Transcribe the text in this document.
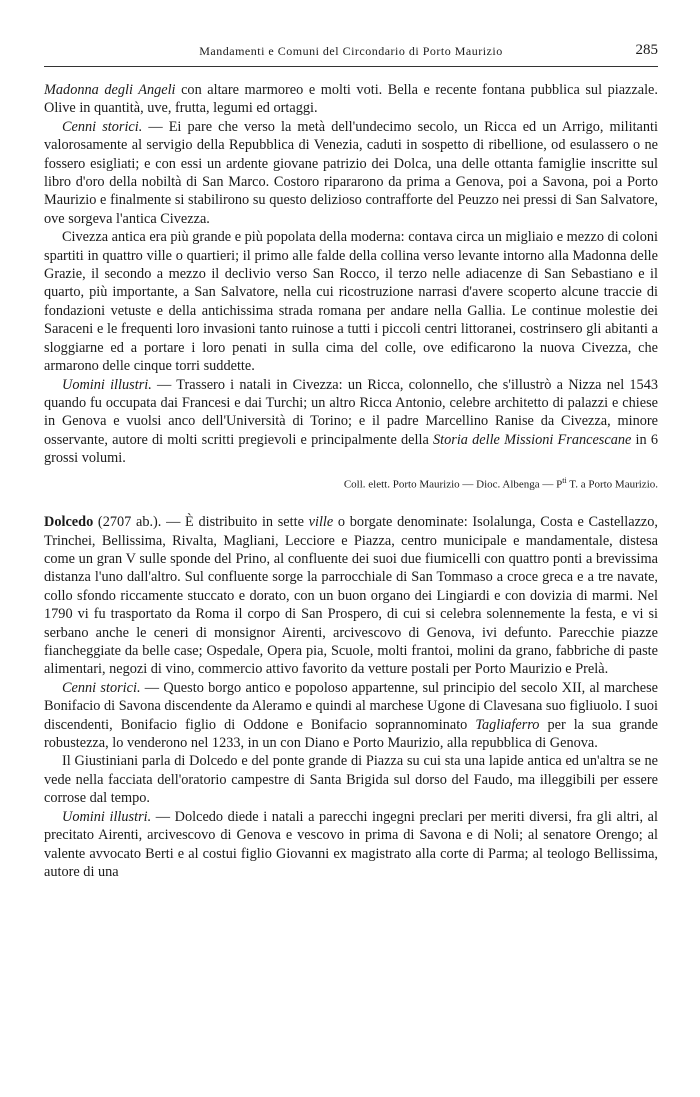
Mandamenti e Comuni del Circondario di Porto Maurizio	285

Madonna degli Angeli con altare marmoreo e molti voti. Bella e recente fontana pubblica sul piazzale. Olive in quantità, uve, frutta, legumi ed ortaggi.

Cenni storici. — Ei pare che verso la metà dell'undecimo secolo, un Ricca ed un Arrigo, militanti valorosamente al servigio della Repubblica di Venezia, caduti in sospetto di ribellione, od esulassero o ne fossero esigliati; e con essi un ardente giovane patrizio dei Dolca, una delle ottanta famiglie inscritte sul libro d'oro della nobiltà di San Marco. Costoro ripararono da prima a Genova, poi a Savona, poi a Porto Maurizio e finalmente si stabilirono su questo delizioso contrafforte del Peuzzo nei pressi di San Salvatore, ove sorgeva l'antica Civezza.

Civezza antica era più grande e più popolata della moderna: contava circa un migliaio e mezzo di coloni spartiti in quattro ville o quartieri; il primo alle falde della collina verso levante intorno alla Madonna delle Grazie, il secondo a mezzo il declivio verso San Rocco, il terzo nelle adiacenze di San Sebastiano e il quarto, più importante, a San Salvatore, nella cui ricostruzione narrasi d'avere scoperto alcune traccie di fondazioni vetuste e della antichissima strada romana per andare nella Gallia. Le continue molestie dei Saraceni e le frequenti loro invasioni tanto ruinose a tutti i piccoli centri littoranei, costrinsero gli abitanti a sloggiarne ed a portare i loro penati in sulla cima del colle, ove edificarono la nuova Civezza, che armarono delle cinque torri suddette.

Uomini illustri. — Trassero i natali in Civezza: un Ricca, colonnello, che s'illustrò a Nizza nel 1543 quando fu occupata dai Francesi e dai Turchi; un altro Ricca Antonio, celebre architetto di palazzi e chiese in Genova e vuolsi anco dell'Università di Torino; e il padre Marcellino Ranise da Civezza, minore osservante, autore di molti scritti pregievoli e principalmente della Storia delle Missioni Francescane in 6 grossi volumi.

Coll. elett. Porto Maurizio — Dioc. Albenga — $P^{ti}$ T. a Porto Maurizio.

Dolcedo (2707 ab.). — È distribuito in sette ville o borgate denominate: Isolalunga, Costa e Castellazzo, Trinchei, Bellissima, Rivalta, Magliani, Lecciore e Piazza, centro municipale e mandamentale, distesa come un gran V sulle sponde del Prino, al confluente dei suoi due fiumicelli con quattro ponti a brevissima distanza l'uno dall'altro. Sul confluente sorge la parrocchiale di San Tommaso a croce greca e a tre navate, collo sfondo riccamente stuccato e dorato, con un buon organo dei Lingiardi e con dovizia di marmi. Nel 1790 vi fu trasportato da Roma il corpo di San Prospero, di cui si celebra solennemente la festa, e vi si serbano anche le ceneri di monsignor Airenti, arcivescovo di Genova, ivi defunto. Parecchie piazze fiancheggiate da belle case; Ospedale, Opera pia, Scuole, molti frantoi, molini da grano, fabbriche di paste alimentari, negozi di vino, commercio attivo favorito da vetture postali per Porto Maurizio e Prelà.

Cenni storici. — Questo borgo antico e popoloso appartenne, sul principio del secolo XII, al marchese Bonifacio di Savona discendente da Aleramo e quindi al marchese Ugone di Clavesana suo figliuolo. I suoi discendenti, Bonifacio figlio di Oddone e Bonifacio soprannominato Tagliaferro per la sua grande robustezza, lo venderono nel 1233, in un con Diano e Porto Maurizio, alla repubblica di Genova.

Il Giustiniani parla di Dolcedo e del ponte grande di Piazza su cui sta una lapide antica ed un'altra se ne vede nella facciata dell'oratorio campestre di Santa Brigida sul dorso del Faudo, ma illeggibili per essere corrose dal tempo.

Uomini illustri. — Dolcedo diede i natali a parecchi ingegni preclari per meriti diversi, fra gli altri, al precitato Airenti, arcivescovo di Genova e vescovo in prima di Savona e di Noli; al senatore Orengo; al valente avvocato Berti e al costui figlio Giovanni ex magistrato alla corte di Parma; al teologo Bellissima, autore di una
